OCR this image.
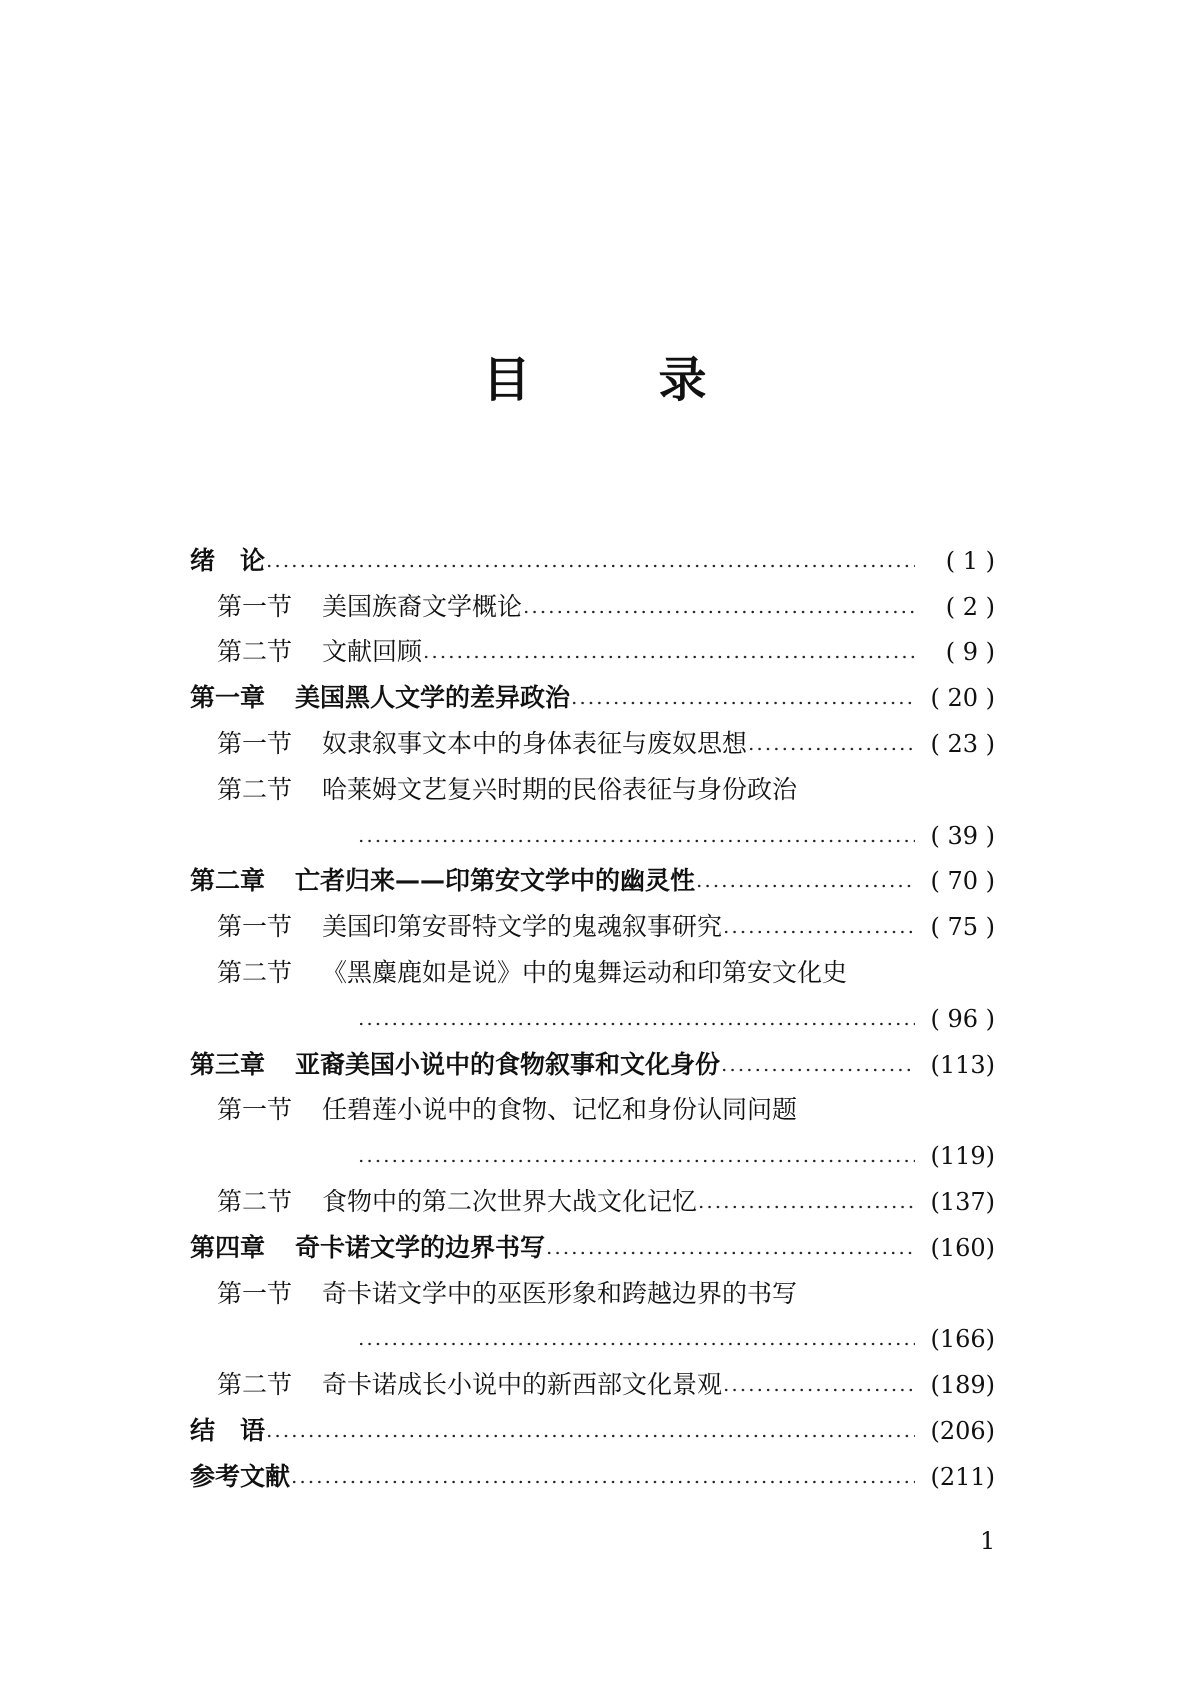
目　录
绪　论	( 1 )
第一节 美国族裔文学概论	( 2 )
第二节 文献回顾	( 9 )
第一章 美国黑人文学的差异政治	( 20 )
第一节 奴隶叙事文本中的身体表征与废奴思想	( 23 )
第二节 哈莱姆文艺复兴时期的民俗表征与身份政治
( 39 )
第二章 亡者归来——印第安文学中的幽灵性	( 70 )
第一节 美国印第安哥特文学的鬼魂叙事研究	( 75 )
第二节 《黑麋鹿如是说》中的鬼舞运动和印第安文化史
( 96 )
第三章 亚裔美国小说中的食物叙事和文化身份	(113)
第一节 任碧莲小说中的食物、记忆和身份认同问题
(119)
第二节 食物中的第二次世界大战文化记忆	(137)
第四章 奇卡诺文学的边界书写	(160)
第一节 奇卡诺文学中的巫医形象和跨越边界的书写
(166)
第二节 奇卡诺成长小说中的新西部文化景观	(189)
结　语	(206)
参考文献	(211)
1
